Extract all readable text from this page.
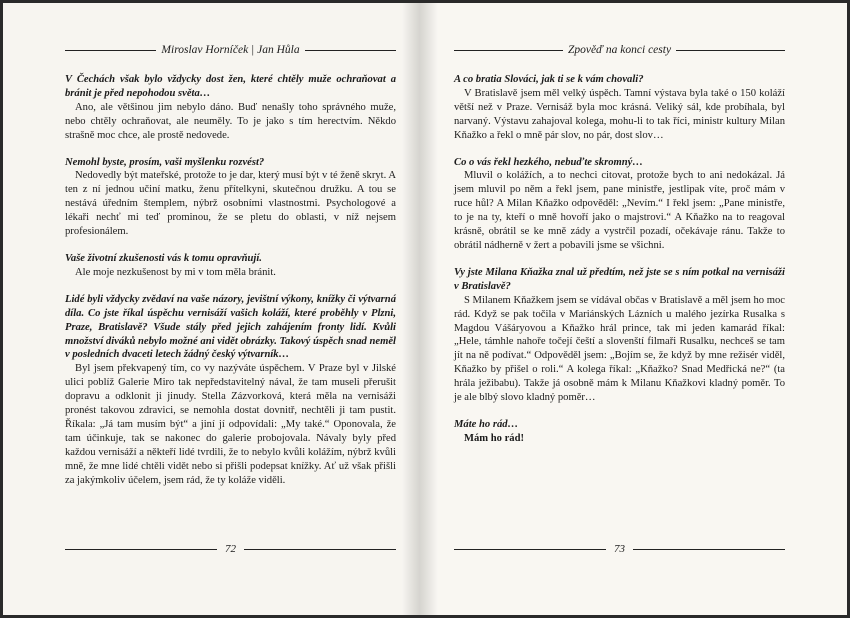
Miroslav Horníček | Jan Hůla

V Čechách však bylo vždycky dost žen, které chtěly muže ochraňovat a bránit je před nepohodou světa…

Ano, ale většinou jim nebylo dáno. Buď nenašly toho správného muže, nebo chtěly ochraňovat, ale neuměly. To je jako s tím herectvím. Někdo strašně moc chce, ale prostě nedovede.

Nemohl byste, prosím, vaši myšlenku rozvést?

Nedovedly být mateřské, protože to je dar, který musí být v té ženě skryt. A ten z ní jednou učiní matku, ženu přítelkyni, skutečnou družku. A tou se nestává úředním štemplem, nýbrž osobními vlastnostmi. Psychologové a lékaři nechť mi teď prominou, že se pletu do oblasti, v níž nejsem profesionálem.

Vaše životní zkušenosti vás k tomu opravňují.

Ale moje nezkušenost by mi v tom měla bránit.

Lidé byli vždycky zvědaví na vaše názory, jevištní výkony, knížky či výtvarná díla. Co jste říkal úspěchu vernisáží vašich koláží, které proběhly v Plzni, Praze, Bratislavě? Všude stály před jejich zahájením fronty lidí. Kvůli množství diváků nebylo možné ani vidět obrázky. Takový úspěch snad neměl v posledních dvaceti letech žádný český výtvarník…

Byl jsem překvapený tím, co vy nazýváte úspěchem. V Praze byl v Jilské ulici poblíž Galerie Miro tak nepředstavitelný nával, že tam museli přerušit dopravu a odklonit ji jinudy. Stella Zázvorková, která měla na vernisáži pronést takovou zdravici, se nemohla dostat dovnitř, nechtěli ji tam pustit. Říkala: „Já tam musím být“ a jiní jí odpovídali: „My také.“ Oponovala, že tam účinkuje, tak se nakonec do galerie probojovala. Návaly byly před každou vernisáží a někteří lidé tvrdili, že to nebylo kvůli kolážím, nýbrž kvůli mně, že mne lidé chtěli vidět nebo si přišli podepsat knížky. Ať už však přišli za jakýmkoliv účelem, jsem rád, že ty koláže viděli.

72
Zpověď na konci cesty

A co bratia Slováci, jak ti se k vám chovali?

V Bratislavě jsem měl velký úspěch. Tamní výstava byla také o 150 koláží větší než v Praze. Vernisáž byla moc krásná. Veliký sál, kde probíhala, byl narvaný. Výstavu zahajoval kolega, mohu-li to tak říci, ministr kultury Milan Kňažko a řekl o mně pár slov, no pár, dost slov…

Co o vás řekl hezkého, nebuďte skromný…

Mluvil o kolážích, a to nechci citovat, protože bych to ani nedokázal. Já jsem mluvil po něm a řekl jsem, pane ministře, jestlipak víte, proč mám v ruce hůl? A Milan Kňažko odpověděl: „Nevím.“ I řekl jsem: „Pane ministře, to je na ty, kteří o mně hovoří jako o majstrovi.“ A Kňažko na to reagoval krásně, obrátil se ke mně zády a vystrčil pozadí, očekávaje ránu. Takže to obrátil nádherně v žert a pobavili jsme se všichni.

Vy jste Milana Kňažka znal už předtím, než jste se s ním potkal na vernisáži v Bratislavě?

S Milanem Kňažkem jsem se vídával občas v Bratislavě a měl jsem ho moc rád. Když se pak točila v Mariánských Lázních u malého jezírka Rusalka s Magdou Vášáryovou a Kňažko hrál prince, tak mi jeden kamarád říkal: „Hele, támhle nahoře točejí čeští a slovenští filmaři Rusalku, nechceš se tam jít na ně podívat.“ Odpověděl jsem: „Bojím se, že když by mne režisér viděl, Kňažko by přišel o roli.“ A kolega říkal: „Kňažko? Snad Medřická ne?“ (ta hrála ježibabu). Takže já osobně mám k Milanu Kňažkovi kladný poměr. To je ale blbý slovo kladný poměr…

Máte ho rád…

Mám ho rád!

73
